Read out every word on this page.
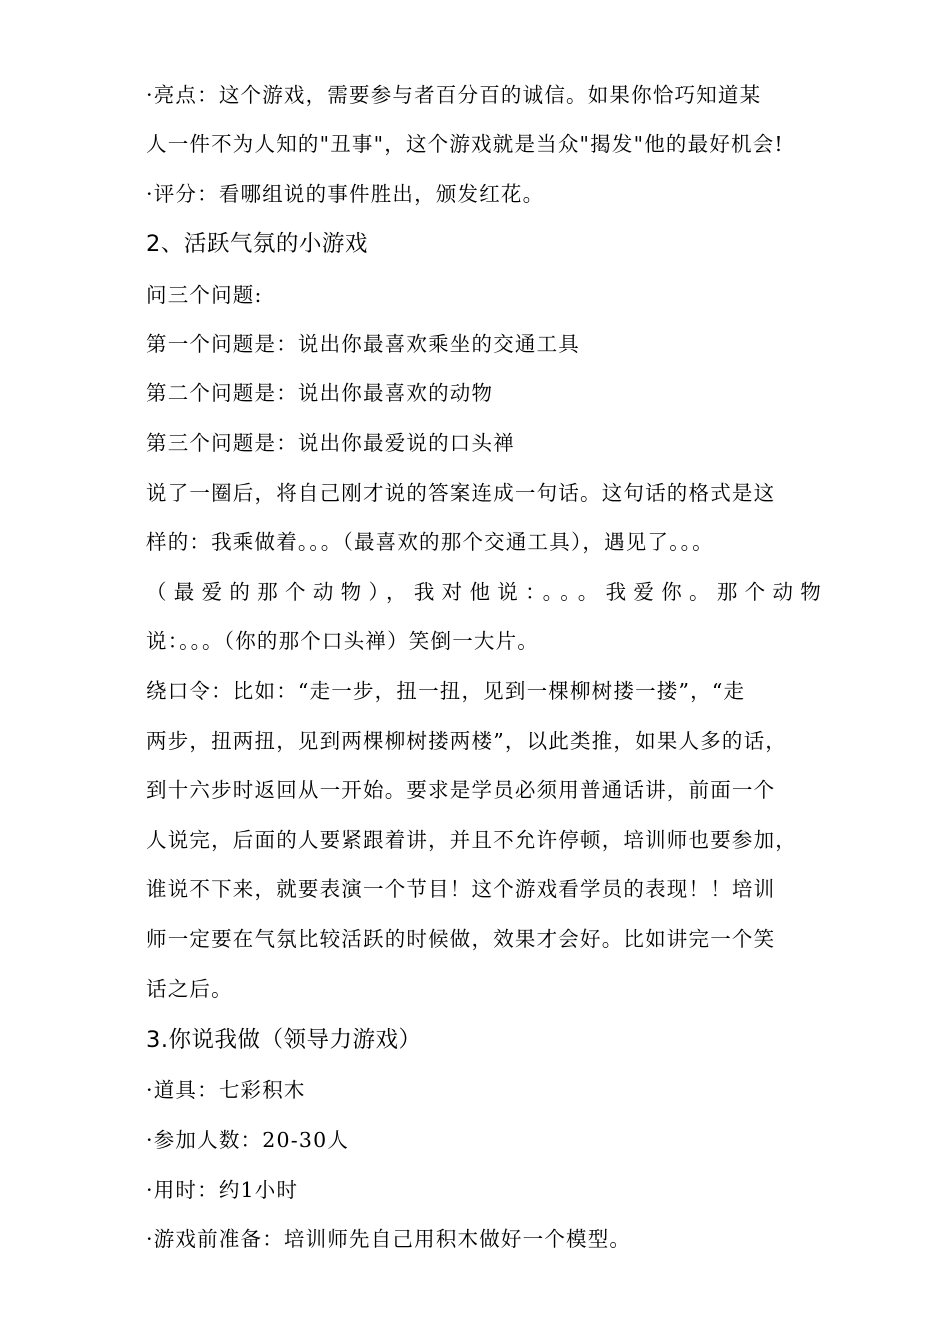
·亮点：这个游戏，需要参与者百分百的诚信。如果你恰巧知道某
人一件不为人知的"丑事"，这个游戏就是当众"揭发"他的最好机会!
·评分：看哪组说的事件胜出，颁发红花。
2、活跃气氛的小游戏
问三个问题:
第一个问题是：说出你最喜欢乘坐的交通工具
第二个问题是：说出你最喜欢的动物
第三个问题是：说出你最爱说的口头禅
说了一圈后，将自己刚才说的答案连成一句话。这句话的格式是这
样的：我乘做着。。。（最喜欢的那个交通工具），遇见了。。。
（最爱的那个动物），我对他说：。。。我爱你。那个动物
说：。。。（你的那个口头禅）笑倒一大片。
绕口令：比如：“走一步，扭一扭，见到一棵柳树搂一搂”，“走
两步，扭两扭，见到两棵柳树搂两楼”，以此类推，如果人多的话，
到十六步时返回从一开始。要求是学员必须用普通话讲，前面一个
人说完，后面的人要紧跟着讲，并且不允许停顿，培训师也要参加，
谁说不下来，就要表演一个节目！这个游戏看学员的表现！！培训
师一定要在气氛比较活跃的时候做，效果才会好。比如讲完一个笑
话之后。
3.你说我做（领导力游戏）
·道具：七彩积木
·参加人数：20-30人
·用时：约1小时
·游戏前准备：培训师先自己用积木做好一个模型。
